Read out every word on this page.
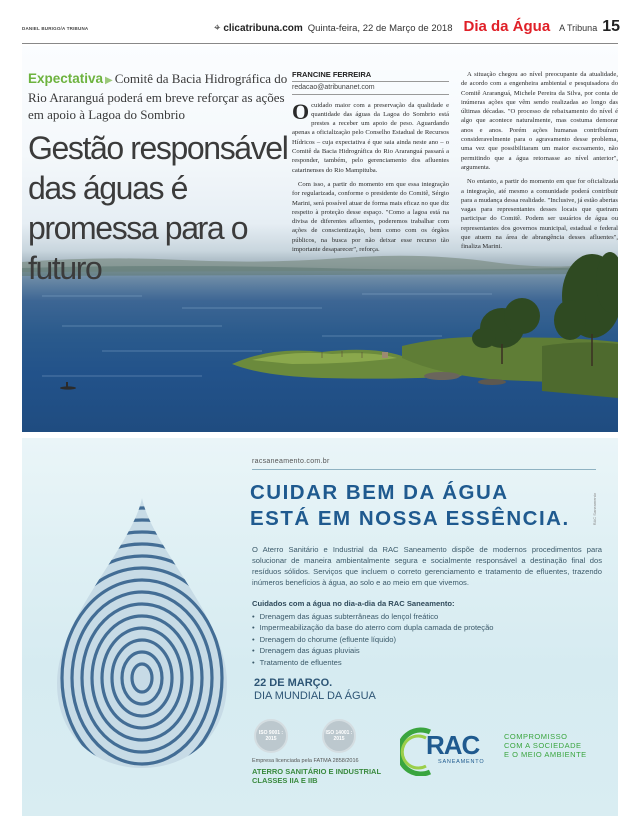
DANIEL BURIGO/A TRIBUNA	⌖ clicatribuna.com Quinta-feira, 22 de Março de 2018 Dia da Água A Tribuna 15
Expectativa ▶ Comitê da Bacia Hidrográfica do Rio Araranguá poderá em breve reforçar as ações em apoio à Lagoa do Sombrio
Gestão responsável das águas é promessa para o futuro
FRANCINE FERREIRA
redacao@atribunanet.com

Ocuidado maior com a preservação da qualidade e quantidade das águas da Lagoa do Sombrio está prestes a receber um apoio de peso. Aguardando apenas a oficialização pelo Conselho Estadual de Recursos Hídricos – cuja expectativa é que saia ainda neste ano – o Comitê da Bacia Hidrográfica do Rio Araranguá passará a responder, também, pelo gerenciamento dos afluentes catarinenses do Rio Mampituba.

Com isso, a partir do momento em que essa integração for regularizada, conforme o presidente do Comitê, Sérgio Marini, será possível atuar de forma mais eficaz no que diz respeito à proteção desse espaço. "Como a lagoa está na divisa de diferentes afluentes, poderemos trabalhar com ações de conscientização, bem como com os órgãos públicos, na busca por não deixar esse recurso tão importante desaparecer", reforça.

A situação chegou ao nível preocupante da atualidade, de acordo com a engenheira ambiental e pesquisadora do Comitê Araranguá, Michele Pereira da Silva, por conta de inúmeras ações que vêm sendo realizadas ao longo das últimas décadas. "O processo de rebaixamento do nível é algo que acontece naturalmente, mas costuma demorar anos e anos. Porém ações humanas contribuíram consideravelmente para o agravamento desse problema, uma vez que possibilitaram um maior escoamento, não permitindo que a água retornasse ao nível anterior", argumenta.

No entanto, a partir do momento em que for oficializada a integração, até mesmo a comunidade poderá contribuir para a mudança dessa realidade. "Inclusive, já estão abertas vagas para representantes desses locais que queiram participar do Comitê. Podem ser usuários de água ou representantes dos governos municipal, estadual e federal que atuem na área de abrangência desses afluentes", finaliza Marini.

racsaneamento.com.br
CUIDAR BEM DA ÁGUA
ESTÁ EM NOSSA ESSÊNCIA.	RAC Saneamento

O Aterro Sanitário e Industrial da RAC Saneamento dispõe de modernos procedimentos para solucionar de maneira ambientalmente segura e socialmente responsável a destinação final dos resíduos sólidos. Serviços que incluem o correto gerenciamento e tratamento de efluentes, trazendo inúmeros benefícios à água, ao solo e ao meio em que vivemos.

Cuidados com a água no dia-a-dia da RAC Saneamento:
• Drenagem das águas subterrâneas do lençol freático
• Impermeabilização da base do aterro com dupla camada de proteção
• Drenagem do chorume (efluente líquido)
• Drenagem das águas pluviais
• Tratamento de efluentes
22 DE MARÇO.
DIA MUNDIAL DA ÁGUA
ISO 9001 : 2015
ISO 14001 : 2015
Empresa licenciada pela FATMA 2858/2016
ATERRO SANITÁRIO E INDUSTRIAL
CLASSES IIA E IIB
RAC
SANEAMENTO
COMPROMISSO
COM A SOCIEDADE
E O MEIO AMBIENTE
